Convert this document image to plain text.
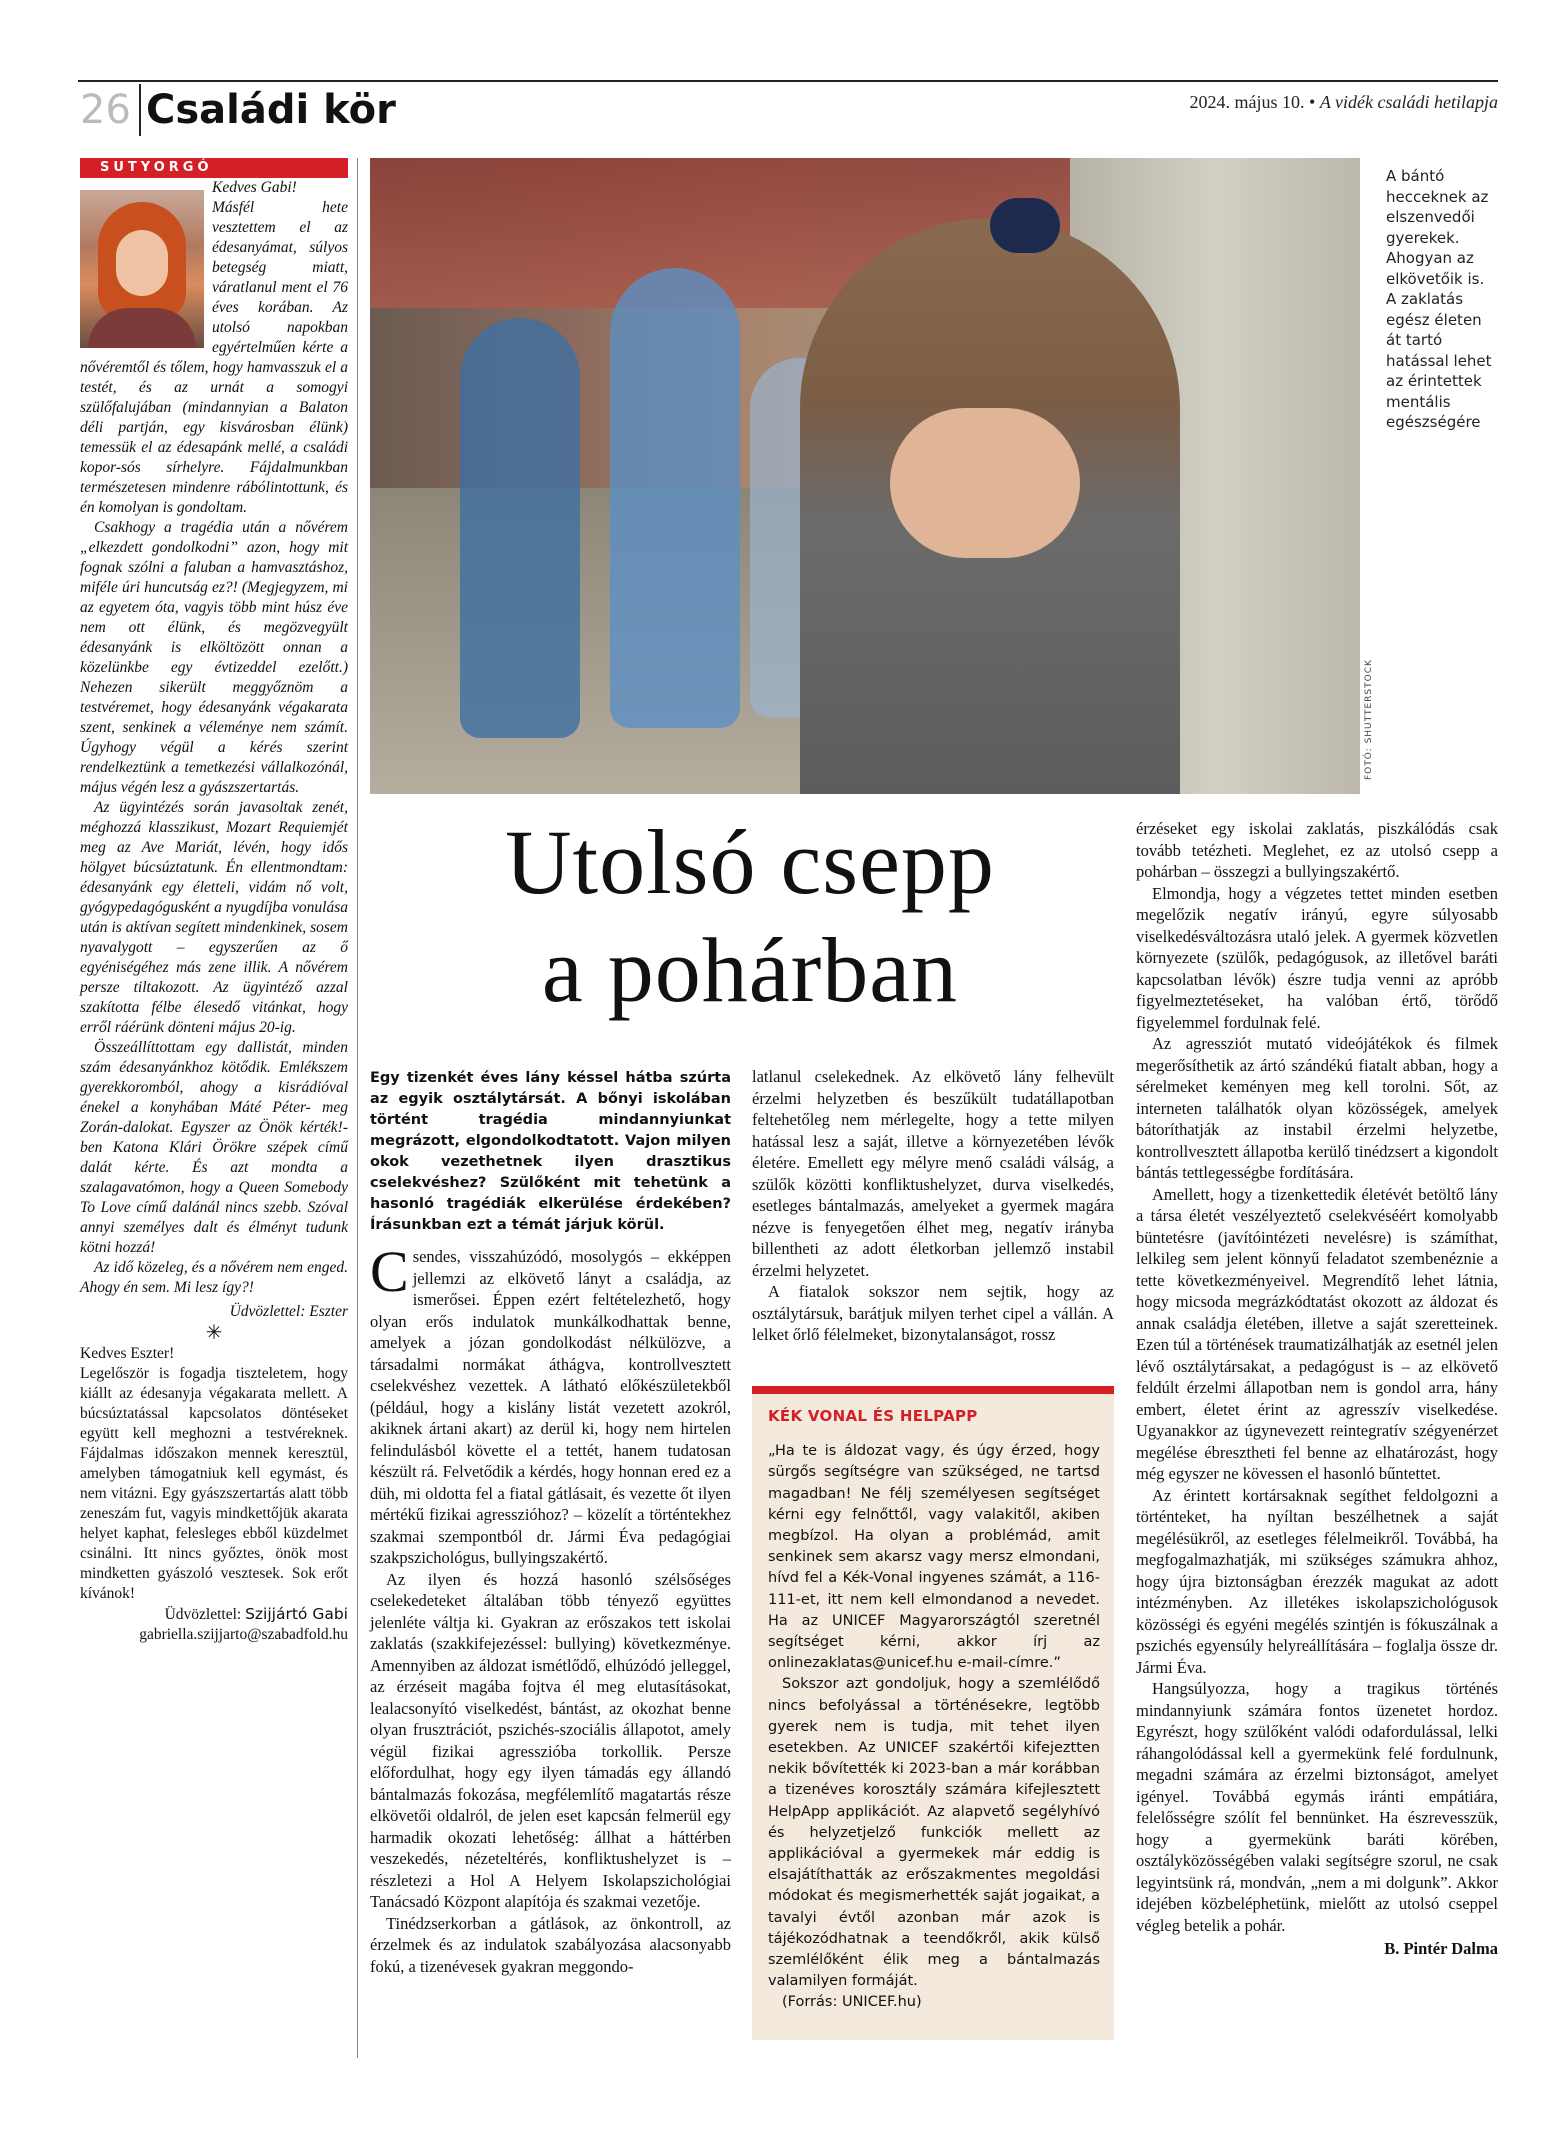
26 Családi kör	2024. május 10. • A vidék családi hetilapja
SUTYORGÓ

Kedves Gabi!

Másfél hete vesztettem el az édesanyámat, súlyos betegség miatt, váratlanul ment el 76 éves korában. Az utolsó napokban egyértelműen kérte a nővéremtől és tőlem, hogy hamvasszuk el a testét, és az urnát a somogyi szülőfalujában (mindannyian a Balaton déli partján, egy kisvárosban élünk) temessük el az édesapánk mellé, a családi kopor-sós sírhelyre. Fájdalmunkban természetesen mindenre rábólintottunk, és én komolyan is gondoltam.

Csakhogy a tragédia után a nővérem „elkezdett gondolkodni” azon, hogy mit fognak szólni a faluban a hamvasztáshoz, miféle úri huncutság ez?! (Megjegyzem, mi az egyetem óta, vagyis több mint húsz éve nem ott élünk, és megözvegyült édesanyánk is elköltözött onnan a közelünkbe egy évtizeddel ezelőtt.) Nehezen sikerült meggyőznöm a testvéremet, hogy édesanyánk végakarata szent, senkinek a véleménye nem számít. Úgyhogy végül a kérés szerint rendelkeztünk a temetkezési vállalkozónál, május végén lesz a gyászszertartás.

Az ügyintézés során javasoltak zenét, méghozzá klasszikust, Mozart Requiemjét meg az Ave Mariát, lévén, hogy idős hölgyet búcsúztatunk. Én ellentmondtam: édesanyánk egy életteli, vidám nő volt, gyógypedagógusként a nyugdíjba vonulása után is aktívan segített mindenkinek, sosem nyavalygott – egyszerűen az ő egyéniségéhez más zene illik. A nővérem persze tiltakozott. Az ügyintéző azzal szakította félbe élesedő vitánkat, hogy erről ráérünk dönteni május 20-ig.

Összeállíttottam egy dallistát, minden szám édesanyánkhoz kötődik. Emlékszem gyerekkoromból, ahogy a kisrádióval énekel a konyhában Máté Péter- meg Zorán-dalokat. Egyszer az Önök kérték!-ben Katona Klári Örökre szépek című dalát kérte. És azt mondta a szalagavatómon, hogy a Queen Somebody To Love című dalánál nincs szebb. Szóval annyi személyes dalt és élményt tudunk kötni hozzá!

Az idő közeleg, és a nővérem nem enged. Ahogy én sem. Mi lesz így?!

Üdvözlettel: Eszter
✳

Kedves Eszter!

Legelőször is fogadja tiszteletem, hogy kiállt az édesanyja végakarata mellett. A búcsúztatással kapcsolatos döntéseket együtt kell meghozni a testvéreknek. Fájdalmas időszakon mennek keresztül, amelyben támogatniuk kell egymást, és nem vitázni. Egy gyászszertartás alatt több zeneszám fut, vagyis mindkettőjük akarata helyet kaphat, felesleges ebből küzdelmet csinálni. Itt nincs győztes, önök most mindketten gyászoló vesztesek. Sok erőt kívánok!

Üdvözlettel: Szijjártó Gabi
gabriella.szijjarto@szabadfold.hu
FOTÓ: SHUTTERSTOCK
A bántó hecceknek az elszenvedői gyerekek. Ahogyan az elkövetőik is. A zaklatás egész életen át tartó hatással lehet az érintettek mentális egészségére
Utolsó csepp
a pohárban
Egy tizenkét éves lány késsel hátba szúrta az egyik osztálytársát. A bőnyi iskolában történt tragédia mindannyiunkat megrázott, elgondolkodtatott. Vajon milyen okok vezethetnek ilyen drasztikus cselekvéshez? Szülőként mit tehetünk a hasonló tragédiák elkerülése érdekében? Írásunkban ezt a témát járjuk körül.

Csendes, visszahúzódó, mosolygós – ekképpen jellemzi az elkövető lányt a családja, az ismerősei. Éppen ezért feltételezhető, hogy olyan erős indulatok munkálkodhattak benne, amelyek a józan gondolkodást nélkülözve, a társadalmi normákat áthágva, kontrollvesztett cselekvéshez vezettek. A látható előkészületekből (például, hogy a kislány listát vezetett azokról, akiknek ártani akart) az derül ki, hogy nem hirtelen felindulásból követte el a tettét, hanem tudatosan készült rá. Felvetődik a kérdés, hogy honnan ered ez a düh, mi oldotta fel a fiatal gátlásait, és vezette őt ilyen mértékű fizikai agresszióhoz? – közelít a történtekhez szakmai szempontból dr. Jármi Éva pedagógiai szakpszichológus, bullyingszakértő.

Az ilyen és hozzá hasonló szélsőséges cselekedeteket általában több tényező együttes jelenléte váltja ki. Gyakran az erőszakos tett iskolai zaklatás (szakkifejezéssel: bullying) következménye. Amennyiben az áldozat ismétlődő, elhúzódó jelleggel, az érzéseit magába fojtva él meg elutasításokat, lealacsonyító viselkedést, bántást, az okozhat benne olyan frusztrációt, pszichés-szociális állapotot, amely végül fizikai agresszióba torkollik. Persze előfordulhat, hogy egy ilyen támadás egy állandó bántalmazás fokozása, megfélemlítő magatartás része elkövetői oldalról, de jelen eset kapcsán felmerül egy harmadik okozati lehetőség: állhat a háttérben veszekedés, nézeteltérés, konfliktushelyzet is – részletezi a Hol A Helyem Iskolapszichológiai Tanácsadó Központ alapítója és szakmai vezetője.

Tinédzserkorban a gátlások, az önkontroll, az érzelmek és az indulatok szabályozása alacsonyabb fokú, a tizenévesek gyakran meggondo-

latlanul cselekednek. Az elkövető lány felhevült érzelmi helyzetben és beszűkült tudatállapotban feltehetőleg nem mérlegelte, hogy a tette milyen hatással lesz a saját, illetve a környezetében lévők életére. Emellett egy mélyre menő családi válság, a szülők közötti konfliktushelyzet, durva viselkedés, esetleges bántalmazás, amelyeket a gyermek magára nézve is fenyegetően élhet meg, negatív irányba billentheti az adott életkorban jellemző instabil érzelmi helyzetet.

A fiatalok sokszor nem sejtik, hogy az osztálytársuk, barátjuk milyen terhet cipel a vállán. A lelket őrlő félelmeket, bizonytalanságot, rossz

KÉK VONAL ÉS HELPAPP

„Ha te is áldozat vagy, és úgy érzed, hogy sürgős segítségre van szükséged, ne tartsd magadban! Ne félj személyesen segítséget kérni egy felnőttől, vagy valakitől, akiben megbízol. Ha olyan a problémád, amit senkinek sem akarsz vagy mersz elmondani, hívd fel a Kék-Vonal ingyenes számát, a 116-111-et, itt nem kell elmondanod a nevedet. Ha az UNICEF Magyarországtól szeretnél segítséget kérni, akkor írj az onlinezaklatas@unicef.hu e-mail-címre.”

Sokszor azt gondoljuk, hogy a szemlélődő nincs befolyással a történésekre, legtöbb gyerek nem is tudja, mit tehet ilyen esetekben. Az UNICEF szakértői kifejeztten nekik bővítették ki 2023-ban a már korábban a tizenéves korosztály számára kifejlesztett HelpApp applikációt. Az alapvető segélyhívó és helyzetjelző funkciók mellett az applikációval a gyermekek már eddig is elsajátíthatták az erőszakmentes megoldási módokat és megismerhették saját jogaikat, a tavalyi évtől azonban már azok is tájékozódhatnak a teendőkről, akik külső szemlélőként élik meg a bántalmazás valamilyen formáját.

(Forrás: UNICEF.hu)

érzéseket egy iskolai zaklatás, piszkálódás csak tovább tetézheti. Meglehet, ez az utolsó csepp a pohárban – összegzi a bullyingszakértő.

Elmondja, hogy a végzetes tettet minden esetben megelőzik negatív irányú, egyre súlyosabb viselkedésváltozásra utaló jelek. A gyermek közvetlen környezete (szülők, pedagógusok, az illetővel baráti kapcsolatban lévők) észre tudja venni az apróbb figyelmeztetéseket, ha valóban értő, törődő figyelemmel fordulnak felé.

Az agressziót mutató videójátékok és filmek megerősíthetik az ártó szándékú fiatalt abban, hogy a sérelmeket keményen meg kell torolni. Sőt, az interneten találhatók olyan közösségek, amelyek bátoríthatják az instabil érzelmi helyzetbe, kontrollvesztett állapotba kerülő tinédzsert a kigondolt bántás tettlegességbe fordítására.

Amellett, hogy a tizenkettedik életévét betöltő lány a társa életét veszélyeztető cselekvéséért komolyabb büntetésre (javítóintézeti nevelésre) is számíthat, lelkileg sem jelent könnyű feladatot szembenéznie a tette következményeivel. Megrendítő lehet látnia, hogy micsoda megrázkódtatást okozott az áldozat és annak családja életében, illetve a saját szeretteinek. Ezen túl a történések traumatizálhatják az esetnél jelen lévő osztálytársakat, a pedagógust is – az elkövető feldúlt érzelmi állapotban nem is gondol arra, hány embert, életet érint az agresszív viselkedése. Ugyanakkor az úgynevezett reintegratív szégyenérzet megélése ébresztheti fel benne az elhatározást, hogy még egyszer ne kövessen el hasonló bűntettet.

Az érintett kortársaknak segíthet feldolgozni a történteket, ha nyíltan beszélhetnek a saját megélésükről, az esetleges félelmeikről. Továbbá, ha megfogalmazhatják, mi szükséges számukra ahhoz, hogy újra biztonságban érezzék magukat az adott intézményben. Az illetékes iskolapszichológusok közösségi és egyéni megélés szintjén is fókuszálnak a pszichés egyensúly helyreállítására – foglalja össze dr. Jármi Éva.

Hangsúlyozza, hogy a tragikus történés mindannyiunk számára fontos üzenetet hordoz. Egyrészt, hogy szülőként valódi odafordulással, lelki ráhangolódással kell a gyermekünk felé fordulnunk, megadni számára az érzelmi biztonságot, amelyet igényel. Továbbá egymás iránti empátiára, felelősségre szólít fel bennünket. Ha észrevesszük, hogy a gyermekünk baráti körében, osztályközösségében valaki segítségre szorul, ne csak legyintsünk rá, mondván, „nem a mi dolgunk”. Akkor idejében közbeléphetünk, mielőtt az utolsó cseppel végleg betelik a pohár.

B. Pintér Dalma
